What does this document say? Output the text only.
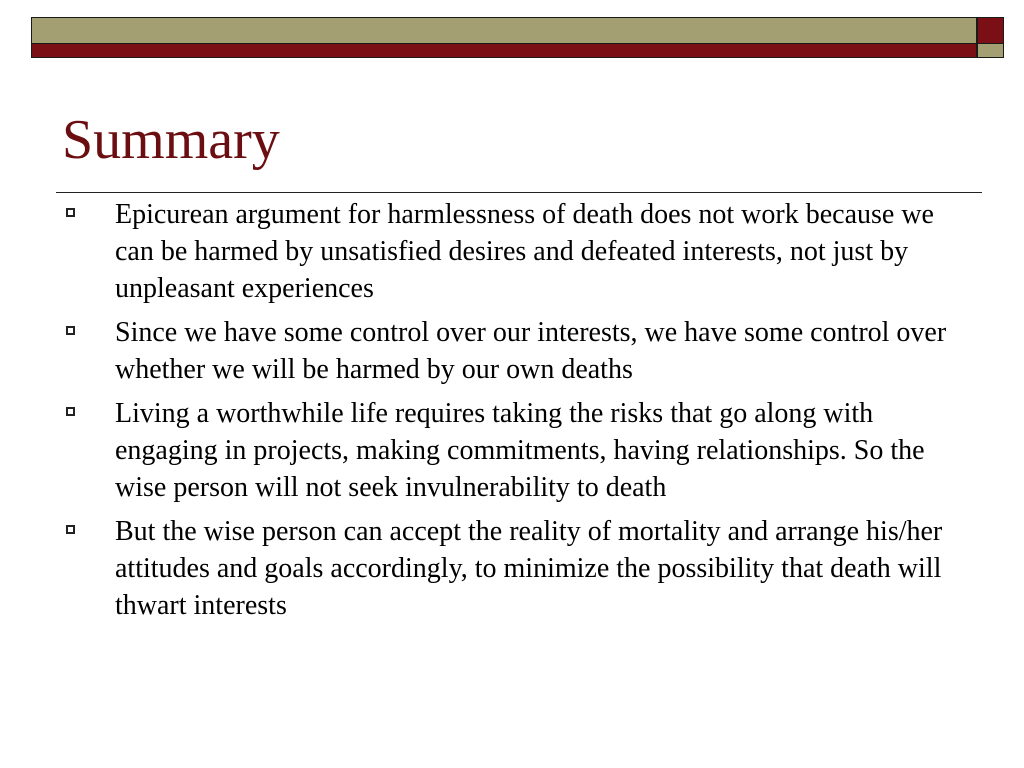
Summary
Epicurean argument for harmlessness of death does not work because we can be harmed by unsatisfied desires and defeated interests, not just by unpleasant experiences
Since we have some control over our interests, we have some control over whether we will be harmed by our own deaths
Living a worthwhile life requires taking the risks that go along with engaging in projects, making commitments, having relationships. So the wise person will not seek invulnerability to death
But the wise person can accept the reality of mortality and arrange his/her attitudes and goals accordingly, to minimize the possibility that death will thwart interests
